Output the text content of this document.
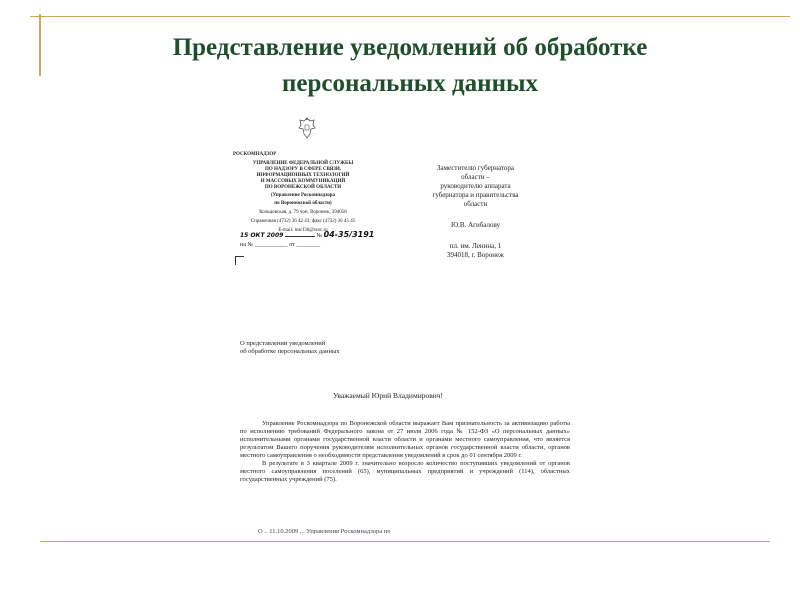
Представление уведомлений об обработке
персональных данных
РОСКОМНАДЗОР
УПРАВЛЕНИЕ ФЕДЕРАЛЬНОЙ СЛУЖБЫ
ПО НАДЗОРУ В СФЕРЕ СВЯЗИ,
ИНФОРМАЦИОННЫХ ТЕХНОЛОГИЙ
И МАССОВЫХ КОММУНИКАЦИЙ
ПО ВОРОНЕЖСКОЙ ОБЛАСТИ
(Управление Роскомнадзора
по Воронежской области)
Кольцовская, д. 79 чон, Воронеж, 394058
Справочная (4732) 36 42 43; факс (4732) 36 45 45
E-mail: inscf36@rsoc.ru
15 ОКТ 2009	№ 04-35/3191
на № ___________ от ________
Заместителю губернатора
области –
руководителю аппарата
губернатора и правительства
области
Ю.В. Агибалову
пл. им. Ленина, 1
394018, г. Воронеж
О представлении уведомлений
об обработке персональных данных
Уважаемый Юрий Владимирович!

Управление Роскомнадзора по Воронежской области выражает Вам признательность за активизацию работы по исполнению требований Федерального закона от 27 июля 2006 года № 152-ФЗ «О персональных данных» исполнительными органами государственной власти области и органами местного самоуправления, что является результатом Вашего поручения руководителям исполнительных органов государственной власти области, органов местного самоуправления о необходимости представления уведомлений в срок до 01 сентября 2009 г.

В результате в 3 квартале 2009 г. значительно возросло количество поступивших уведомлений от органов местного самоуправления поселений (65), муниципальных предприятий и учреждений (114), областных государственных учреждений (75).

О .. 11.10.2009 ... Управления Роскомнадзора по
